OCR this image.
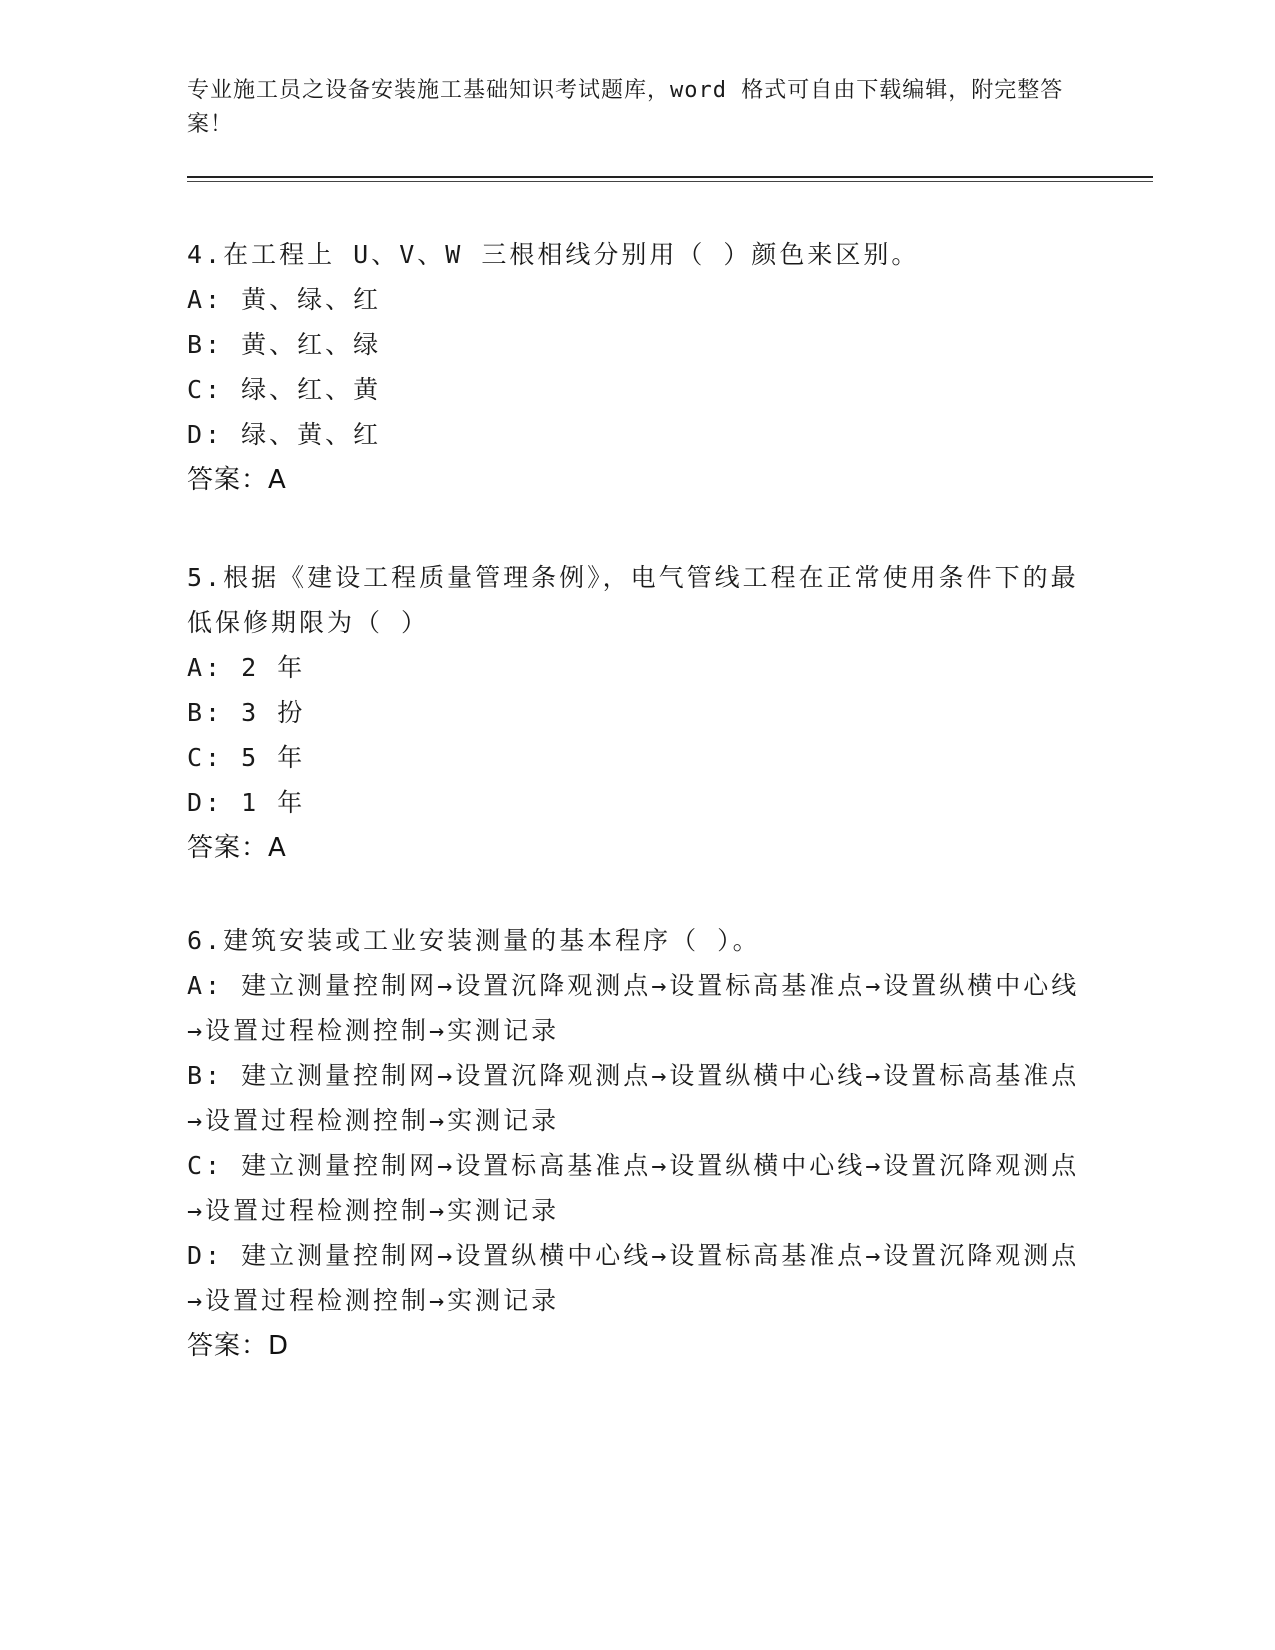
专业施工员之设备安装施工基础知识考试题库，word 格式可自由下载编辑，附完整答案！

4.在工程上 U、V、W 三根相线分别用（ ）颜色来区别。

A: 黄、绿、红

B: 黄、红、绿

C: 绿、红、黄

D: 绿、黄、红

答案：A

5.根据《建设工程质量管理条例》，电气管线工程在正常使用条件下的最低保修期限为（ ）

A: 2 年

B: 3 扮

C: 5 年

D: 1 年

答案：A

6.建筑安装或工业安装测量的基本程序（ ）。

A: 建立测量控制网→设置沉降观测点→设置标高基准点→设置纵横中心线→设置过程检测控制→实测记录

B: 建立测量控制网→设置沉降观测点→设置纵横中心线→设置标高基准点→设置过程检测控制→实测记录

C: 建立测量控制网→设置标高基准点→设置纵横中心线→设置沉降观测点→设置过程检测控制→实测记录

D: 建立测量控制网→设置纵横中心线→设置标高基准点→设置沉降观测点→设置过程检测控制→实测记录

答案：D
